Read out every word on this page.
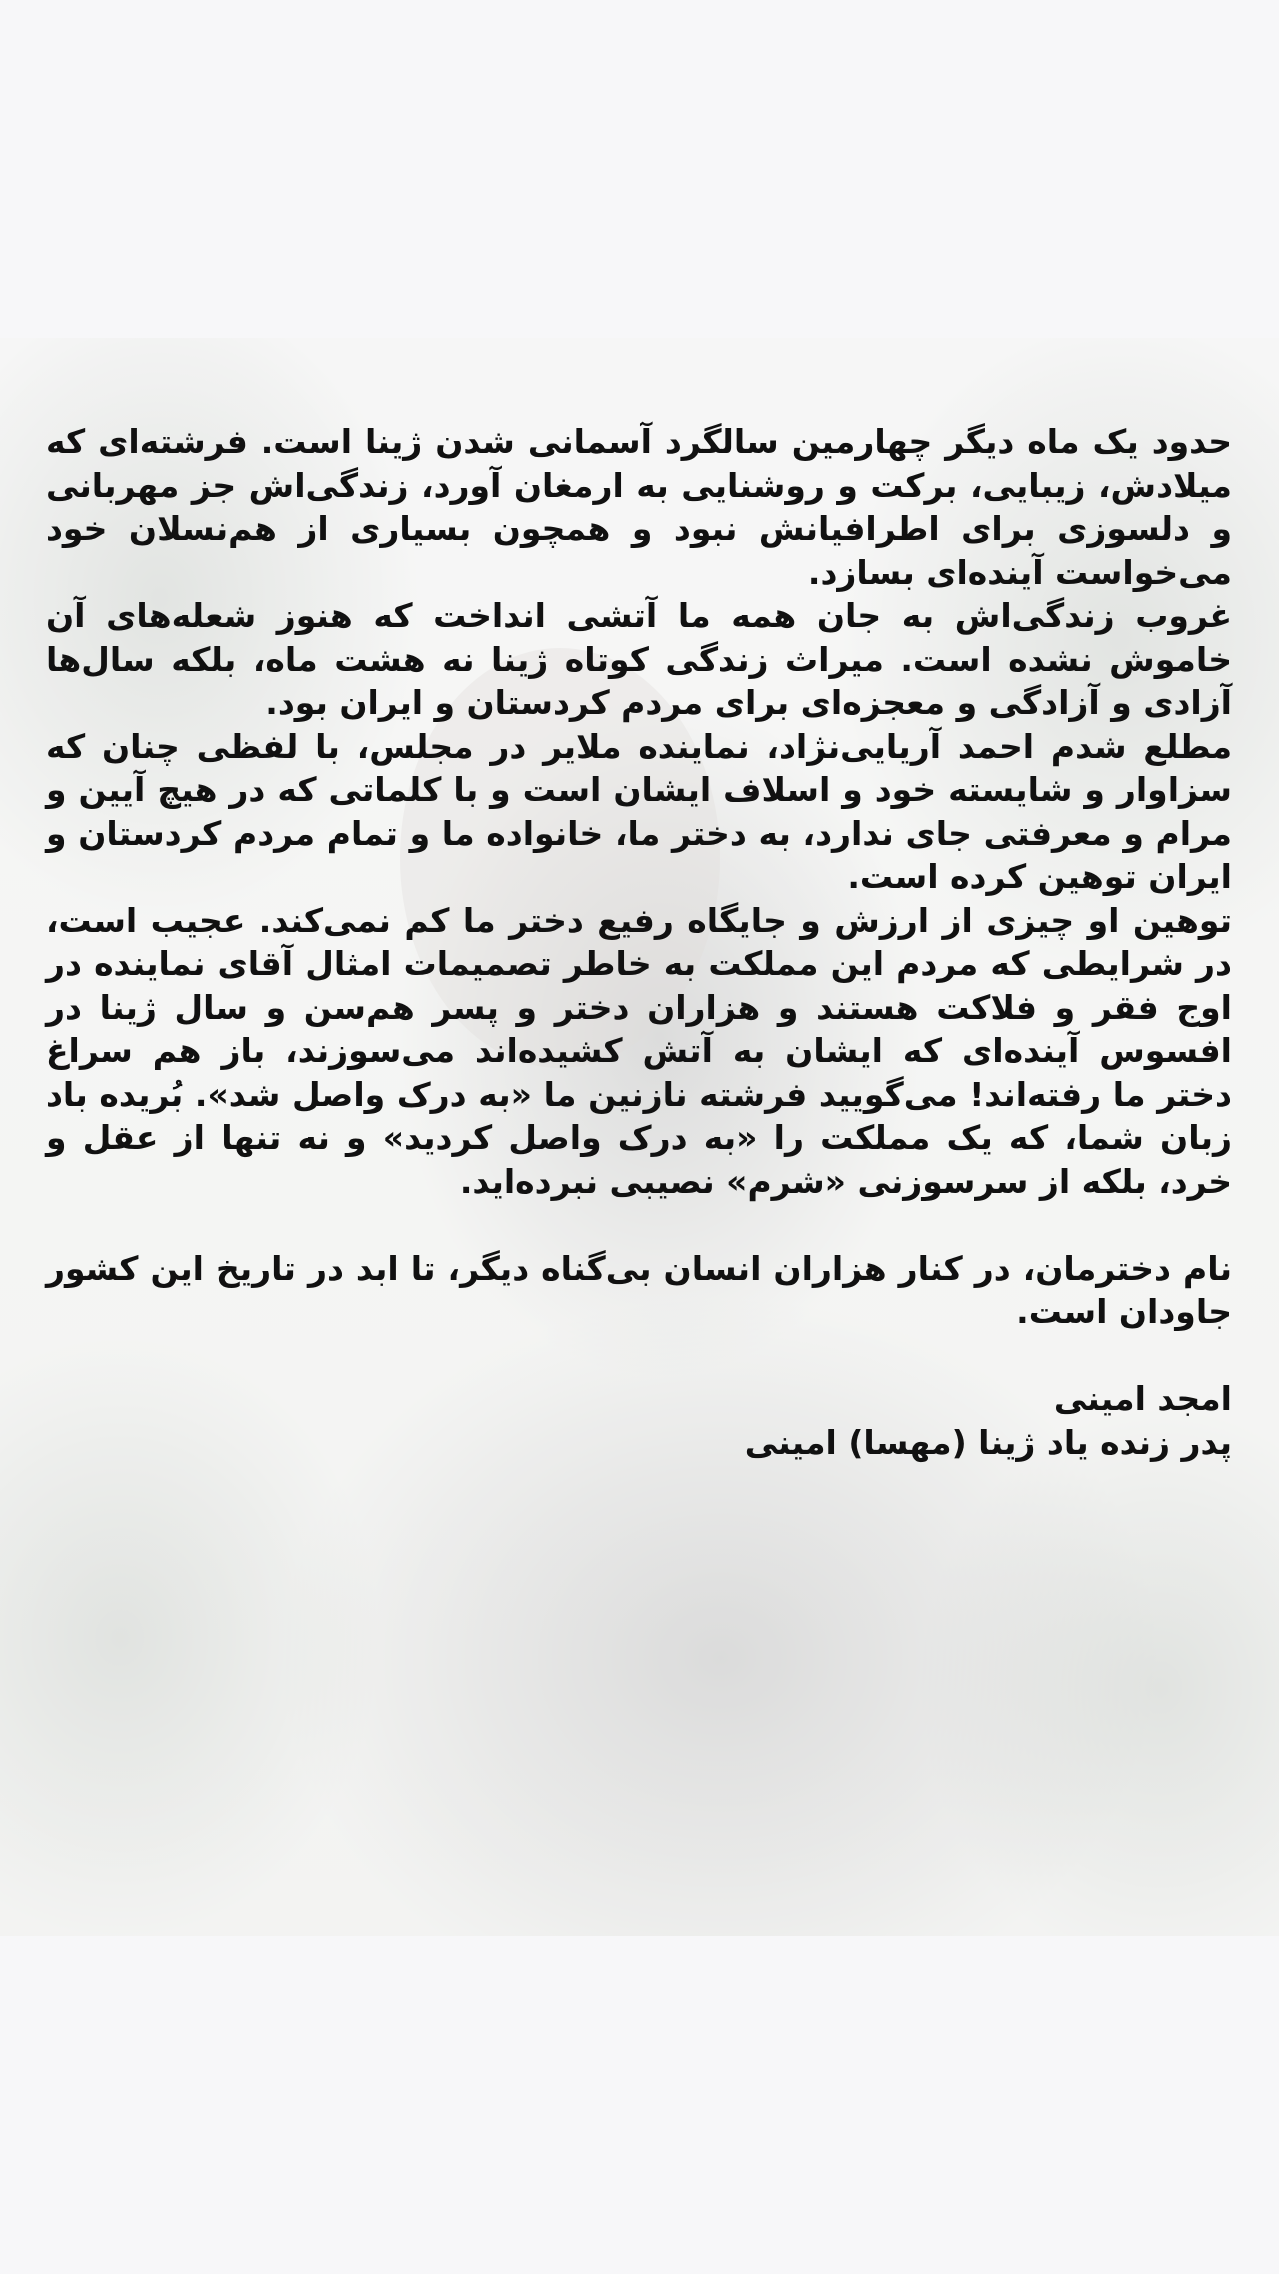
حدود یک ماه دیگر چهارمین سالگرد آسمانی شدن ژینا است. فرشته‌ای که میلادش، زیبایی، برکت و روشنایی به ارمغان آورد، زندگی‌اش جز مهربانی و دلسوزی برای اطرافیانش نبود و همچون بسیاری از هم‌نسلان خود می‌خواست آینده‌ای بسازد.

غروب زندگی‌اش به جان همه ما آتشی انداخت که هنوز شعله‌های آن خاموش نشده است. میراث زندگی کوتاه ژینا نه هشت ماه، بلکه سال‌ها آزادی و آزادگی و معجزه‌ای برای مردم کردستان و ایران بود.

مطلع شدم احمد آریایی‌نژاد، نماینده ملایر در مجلس، با لفظی چنان که سزاوار و شایسته خود و اسلاف ایشان است و با کلماتی که در هیچ آیین و مرام و معرفتی جای ندارد، به دختر ما، خانواده ما و تمام مردم کردستان و ایران توهین کرده است.

توهین او چیزی از ارزش و جایگاه رفیع دختر ما کم نمی‌کند. عجیب است، در شرایطی که مردم این مملکت به خاطر تصمیمات امثال آقای نماینده در اوج فقر و فلاکت هستند و هزاران دختر و پسر هم‌سن و سال ژینا در افسوس آینده‌ای که ایشان به آتش کشیده‌اند می‌سوزند، باز هم سراغ دختر ما رفته‌اند! می‌گویید فرشته نازنین ما «به درک واصل شد». بُریده باد زبان شما، که یک مملکت را «به درک واصل کردید» و نه تنها از عقل و خرد، بلکه از سرسوزنی «شرم» نصیبی نبرده‌اید.

نام دخترمان، در کنار هزاران انسان بی‌گناه دیگر، تا ابد در تاریخ این کشور جاودان است.

امجد امینی

پدر زنده یاد ژینا (مهسا) امینی
